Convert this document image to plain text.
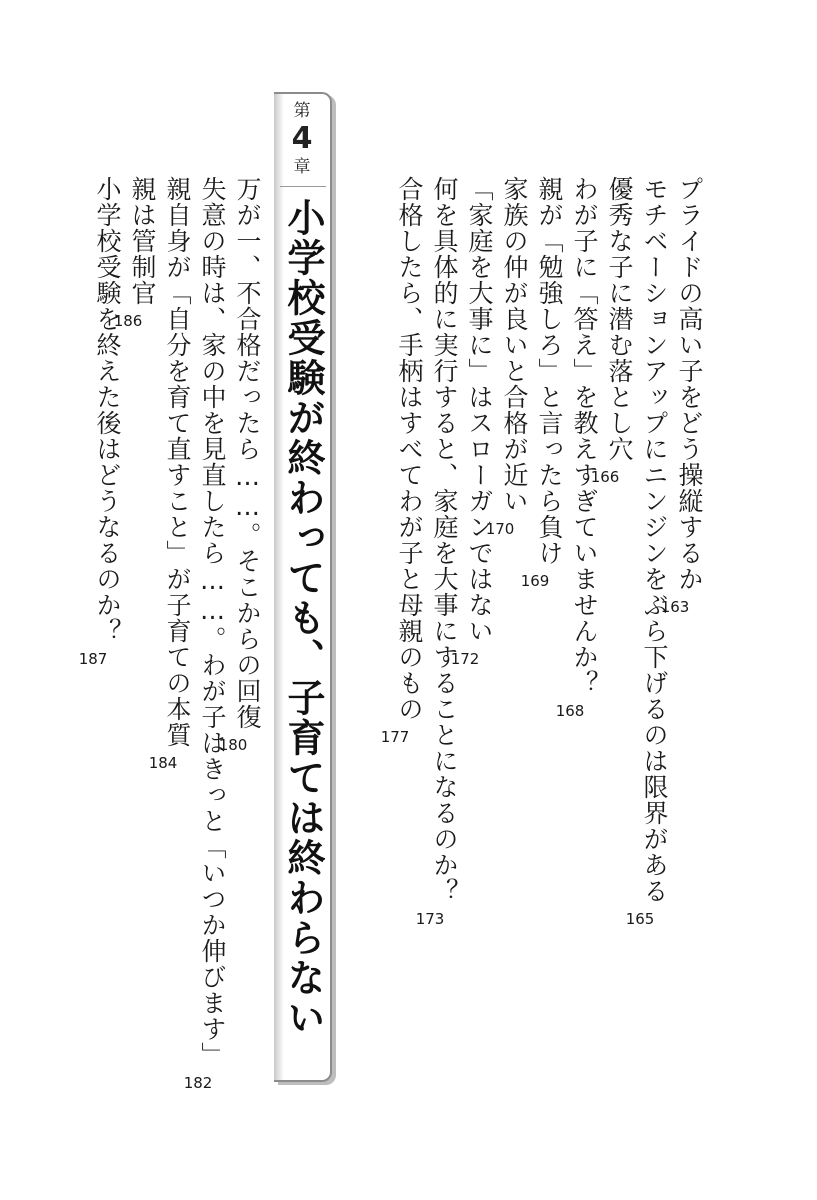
プライドの高い子をどう操縦するか163
モチベーションアップにニンジンをぶら下げるのは限界がある165
優秀な子に潜む落とし穴166
わが子に「答え」を教えすぎていませんか？168
親が「勉強しろ」と言ったら負け169
家族の仲が良いと合格が近い170
「家庭を大事に」はスローガンではない172
何を具体的に実行すると、家庭を大事にすることになるのか？173
合格したら、手柄はすべてわが子と母親のもの177
第
4
章
小学校受験が終わっても、子育ては終わらない
万が一、不合格だったら……。そこからの回復180
失意の時は、家の中を見直したら……。わが子はきっと「いつか伸びます」182
親自身が「自分を育て直すこと」が子育ての本質184
親は管制官186
小学校受験を終えた後はどうなるのか？187
